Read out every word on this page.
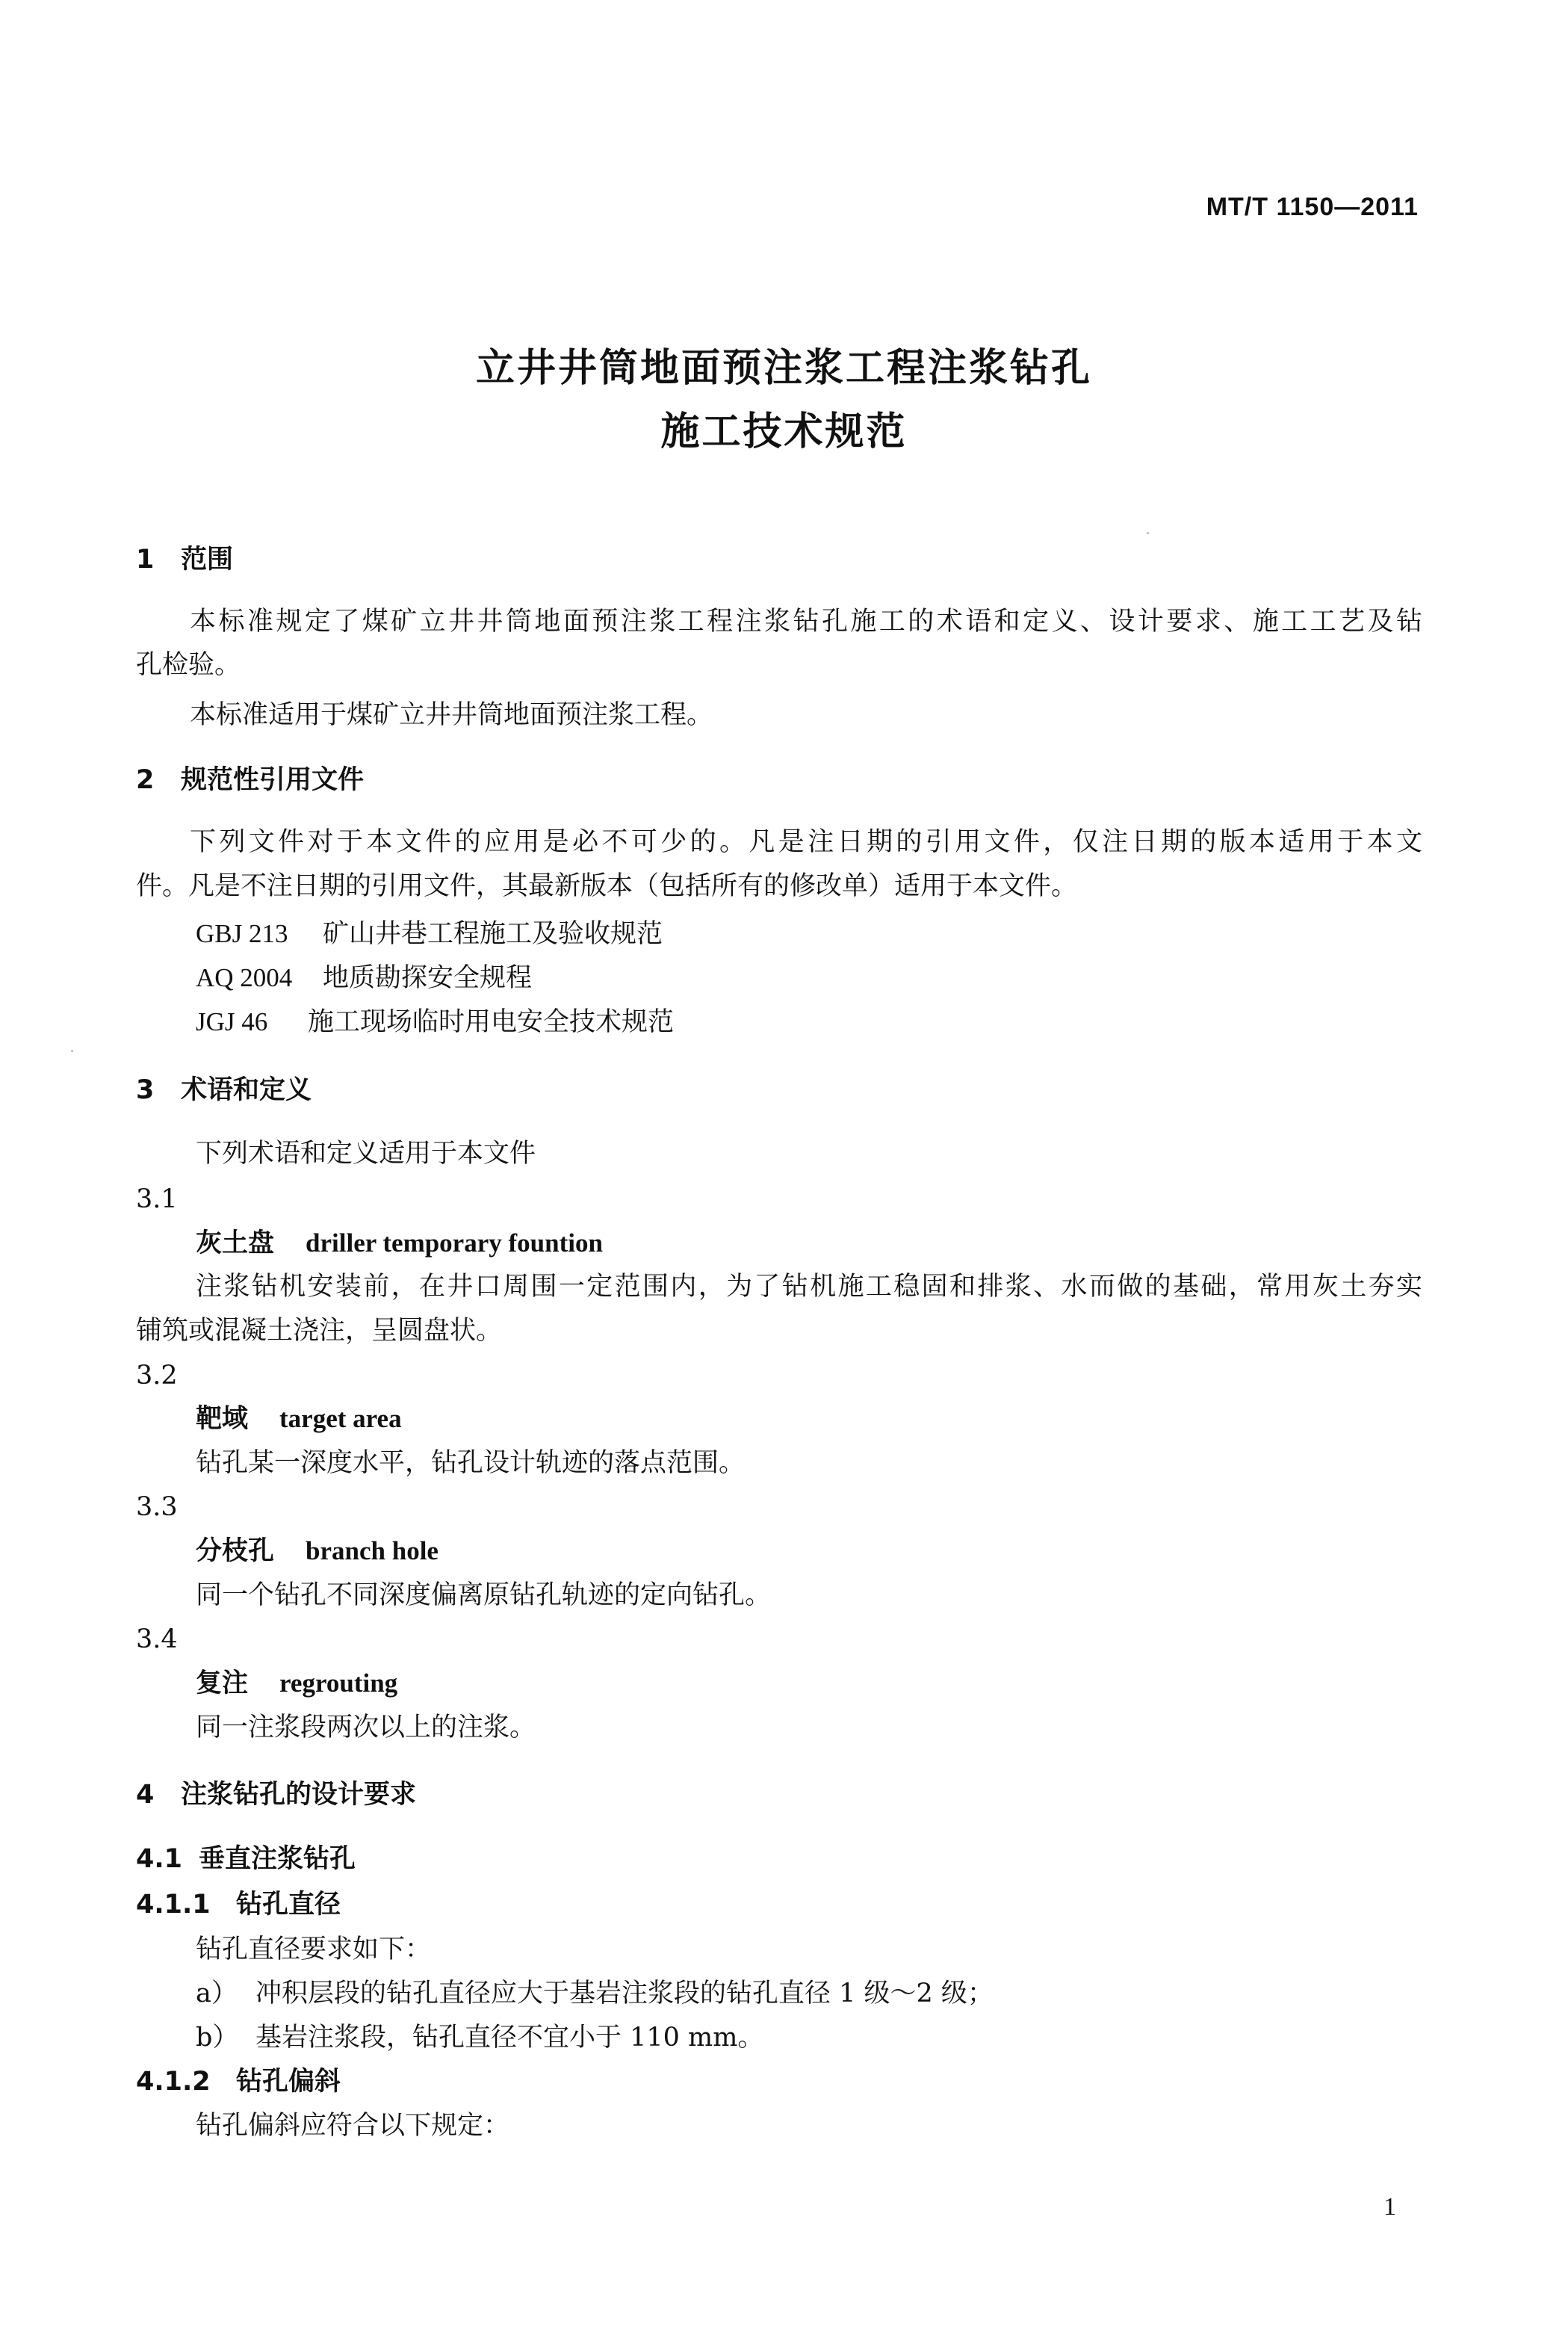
MT/T 1150—2011
立井井筒地面预注浆工程注浆钻孔
施工技术规范
1 范围
本标准规定了煤矿立井井筒地面预注浆工程注浆钻孔施工的术语和定义、设计要求、施工工艺及钻
孔检验。
本标准适用于煤矿立井井筒地面预注浆工程。
2 规范性引用文件
下列文件对于本文件的应用是必不可少的。凡是注日期的引用文件，仅注日期的版本适用于本文
件。凡是不注日期的引用文件，其最新版本（包括所有的修改单）适用于本文件。
GBJ 213 矿山井巷工程施工及验收规范
AQ 2004 地质勘探安全规程
JGJ 46 施工现场临时用电安全技术规范
3 术语和定义
下列术语和定义适用于本文件
3.1
灰土盘 driller temporary fountion
注浆钻机安装前，在井口周围一定范围内，为了钻机施工稳固和排浆、水而做的基础，常用灰土夯实
铺筑或混凝土浇注，呈圆盘状。
3.2
靶域 target area
钻孔某一深度水平，钻孔设计轨迹的落点范围。
3.3
分枝孔 branch hole
同一个钻孔不同深度偏离原钻孔轨迹的定向钻孔。
3.4
复注 regrouting
同一注浆段两次以上的注浆。
4 注浆钻孔的设计要求
4.1 垂直注浆钻孔
4.1.1 钻孔直径
钻孔直径要求如下：
a） 冲积层段的钻孔直径应大于基岩注浆段的钻孔直径 1 级～2 级；
b） 基岩注浆段，钻孔直径不宜小于 110 mm。
4.1.2 钻孔偏斜
钻孔偏斜应符合以下规定：
1
